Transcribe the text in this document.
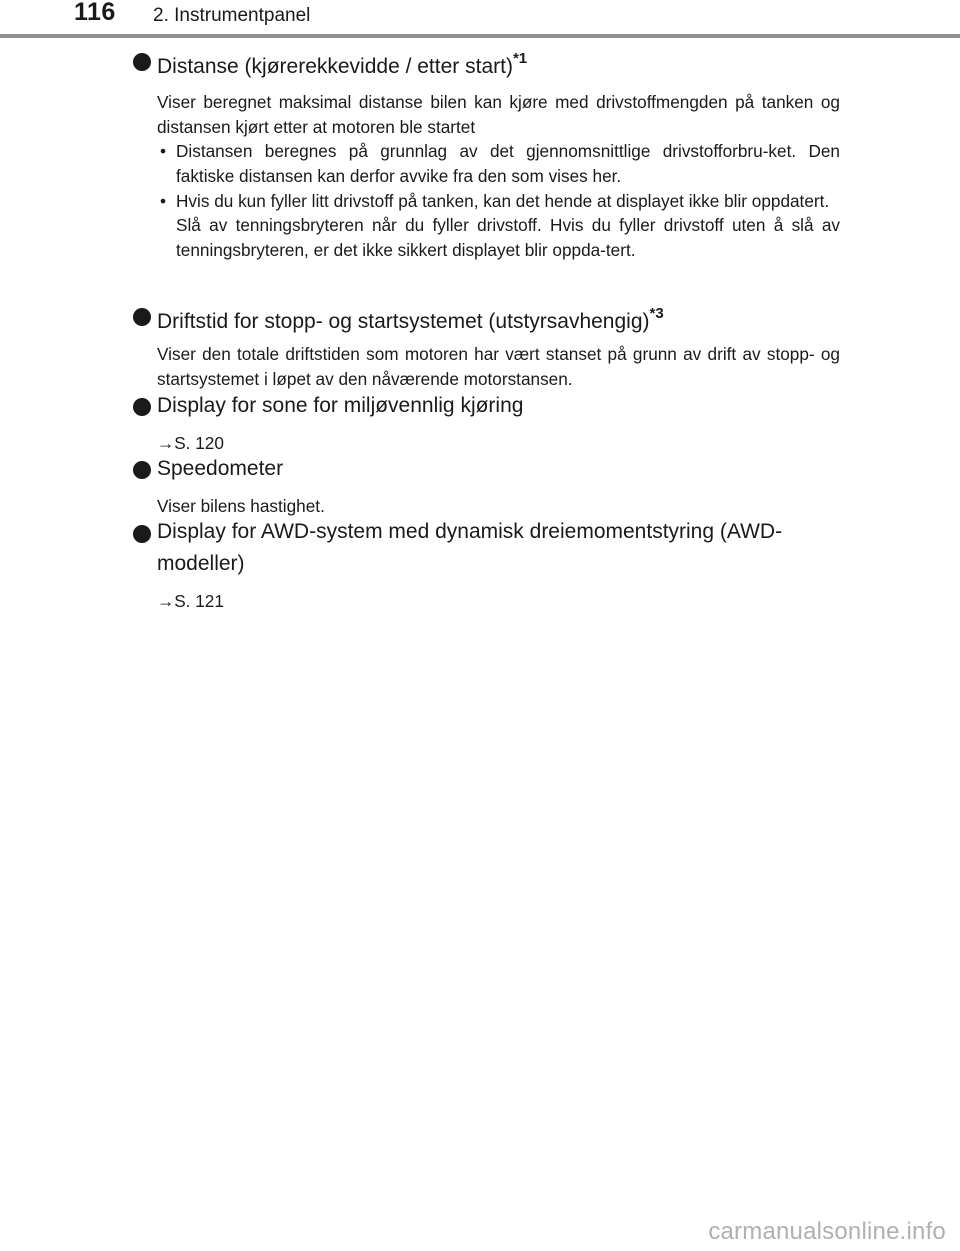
116 2. Instrumentpanel
Distanse (kjørerekkevidde / etter start)$^{*1}$
Viser beregnet maksimal distanse bilen kan kjøre med drivstoffmengden på tanken og distansen kjørt etter at motoren ble startet
• Distansen beregnes på grunnlag av det gjennomsnittlige drivstofforbru-ket. Den faktiske distansen kan derfor avvike fra den som vises her.
• Hvis du kun fyller litt drivstoff på tanken, kan det hende at displayet ikke blir oppdatert.
Slå av tenningsbryteren når du fyller drivstoff. Hvis du fyller drivstoff uten å slå av tenningsbryteren, er det ikke sikkert displayet blir oppda-tert.
Driftstid for stopp- og startsystemet (utstyrsavhengig)$^{*3}$
Viser den totale driftstiden som motoren har vært stanset på grunn av drift av stopp- og startsystemet i løpet av den nåværende motorstansen.
Display for sone for miljøvennlig kjøring
→S. 120
Speedometer
Viser bilens hastighet.
Display for AWD-system med dynamisk dreiemomentstyring (AWD-modeller)
→S. 121
carmanualsonline.info
